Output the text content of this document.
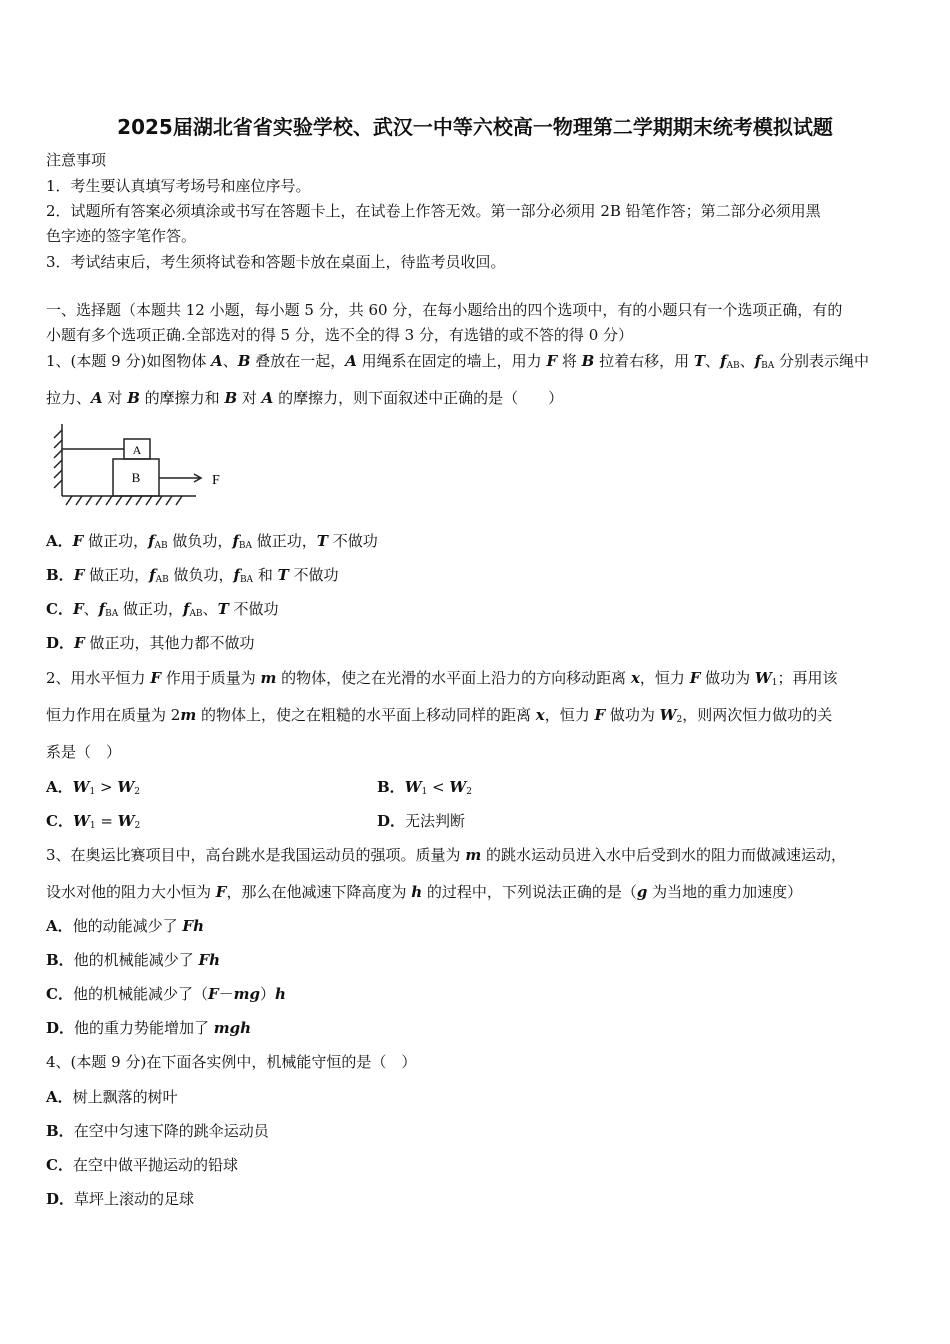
2025届湖北省省实验学校、武汉一中等六校高一物理第二学期期末统考模拟试题
注意事项
1．考生要认真填写考场号和座位序号。
2．试题所有答案必须填涂或书写在答题卡上，在试卷上作答无效。第一部分必须用 2B 铅笔作答；第二部分必须用黑
色字迹的签字笔作答。
3．考试结束后，考生须将试卷和答题卡放在桌面上，待监考员收回。
一、选择题（本题共 12 小题，每小题 5 分，共 60 分，在每小题给出的四个选项中，有的小题只有一个选项正确，有的
小题有多个选项正确.全部选对的得 5 分，选不全的得 3 分，有选错的或不答的得 0 分）
1、(本题 9 分)如图物体 A、B 叠放在一起，A 用绳系在固定的墙上，用力 F 将 B 拉着右移，用 T、$f_{AB}$、$f_{BA}$ 分别表示绳中
拉力、A 对 B 的摩擦力和 B 对 A 的摩擦力，则下面叙述中正确的是（　　）
A
B	F
A．F 做正功，$f_{AB}$ 做负功，$f_{BA}$ 做正功，T 不做功
B．F 做正功，$f_{AB}$ 做负功，$f_{BA}$ 和 T 不做功
C．F、$f_{BA}$ 做正功，$f_{AB}$、T 不做功
D．F 做正功，其他力都不做功
2、用水平恒力 F 作用于质量为 m 的物体，使之在光滑的水平面上沿力的方向移动距离 x，恒力 F 做功为 $W_1$；再用该
恒力作用在质量为 2m 的物体上，使之在粗糙的水平面上移动同样的距离 x，恒力 F 做功为 $W_2$，则两次恒力做功的关
系是（　）
A．$W_1 > W_2$	B．$W_1 < W_2$
C．$W_1 = W_2$	D．无法判断
3、在奥运比赛项目中，高台跳水是我国运动员的强项。质量为 m 的跳水运动员进入水中后受到水的阻力而做减速运动，
设水对他的阻力大小恒为 F，那么在他减速下降高度为 h 的过程中，下列说法正确的是（g 为当地的重力加速度）
A．他的动能减少了 Fh
B．他的机械能减少了 Fh
C．他的机械能减少了（F－mg）h
D．他的重力势能增加了 mgh
4、(本题 9 分)在下面各实例中，机械能守恒的是（　）
A．树上飘落的树叶
B．在空中匀速下降的跳伞运动员
C．在空中做平抛运动的铅球
D．草坪上滚动的足球
